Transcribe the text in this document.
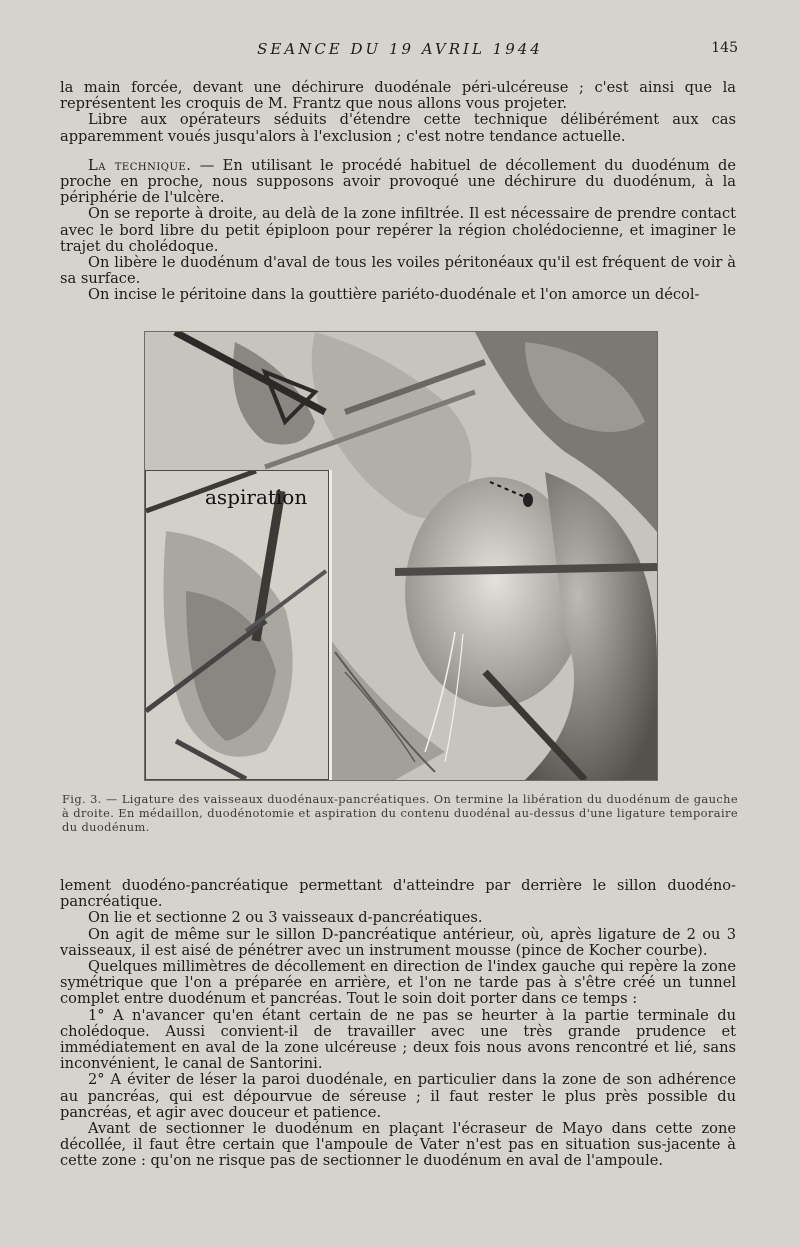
SEANCE DU 19 AVRIL 1944	145

la main forcée, devant une déchirure duodénale péri-ulcéreuse ; c'est ainsi que la représentent les croquis de M. Frantz que nous allons vous projeter.

Libre aux opérateurs séduits d'étendre cette technique délibérément aux cas apparemment voués jusqu'alors à l'exclusion ; c'est notre tendance actuelle.

La technique. — En utilisant le procédé habituel de décollement du duodénum de proche en proche, nous supposons avoir provoqué une déchirure du duodénum, à la périphérie de l'ulcère.

On se reporte à droite, au delà de la zone infiltrée. Il est nécessaire de prendre contact avec le bord libre du petit épiploon pour repérer la région cholédocienne, et imaginer le trajet du cholédoque.

On libère le duodénum d'aval de tous les voiles péritonéaux qu'il est fréquent de voir à sa surface.

On incise le péritoine dans la gouttière pariéto-duodénale et l'on amorce un décol-

aspiration
Fig. 3. — Ligature des vaisseaux duodénaux-pancréatiques. On termine la libération du duodénum de gauche à droite. En médaillon, duodénotomie et aspiration du contenu duodénal au-dessus d'une ligature temporaire du duodénum.

lement duodéno-pancréatique permettant d'atteindre par derrière le sillon duodéno-pancréatique.

On lie et sectionne 2 ou 3 vaisseaux d-pancréatiques.

On agit de même sur le sillon D-pancréatique antérieur, où, après ligature de 2 ou 3 vaisseaux, il est aisé de pénétrer avec un instrument mousse (pince de Kocher courbe).

Quelques millimètres de décollement en direction de l'index gauche qui repère la zone symétrique que l'on a préparée en arrière, et l'on ne tarde pas à s'être créé un tunnel complet entre duodénum et pancréas. Tout le soin doit porter dans ce temps :

1° A n'avancer qu'en étant certain de ne pas se heurter à la partie terminale du cholédoque. Aussi convient-il de travailler avec une très grande prudence et immédiatement en aval de la zone ulcéreuse ; deux fois nous avons rencontré et lié, sans inconvénient, le canal de Santorini.

2° A éviter de léser la paroi duodénale, en particulier dans la zone de son adhérence au pancréas, qui est dépourvue de séreuse ; il faut rester le plus près possible du pancréas, et agir avec douceur et patience.

Avant de sectionner le duodénum en plaçant l'écraseur de Mayo dans cette zone décollée, il faut être certain que l'ampoule de Vater n'est pas en situation sus-jacente à cette zone : qu'on ne risque pas de sectionner le duodénum en aval de l'ampoule.
